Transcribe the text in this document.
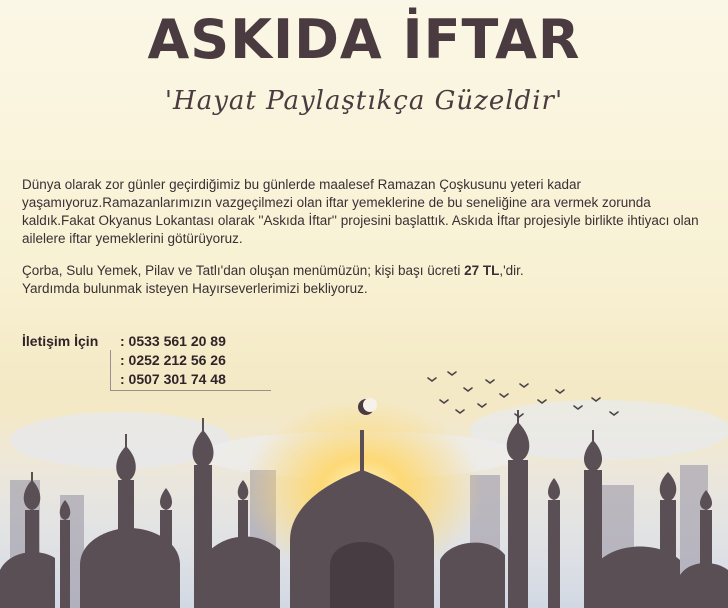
ASKIDA İFTAR
'Hayat Paylaştıkça Güzeldir'

Dünya olarak zor günler geçirdiğimiz bu günlerde maalesef Ramazan Çoşkusunu yeteri kadar yaşamıyoruz.Ramazanlarımızın vazgeçilmezi olan iftar yemeklerine de bu seneliğine ara vermek zorunda kaldık.Fakat Okyanus Lokantası olarak ''Askıda İftar'' projesini başlattık. Askıda İftar projesiyle birlikte ihtiyacı olan ailelere iftar yemeklerini götürüyoruz.

Çorba, Sulu Yemek, Pilav ve Tatlı'dan oluşan menümüzün; kişi başı ücreti 27 TL,'dir.

Yardımda bulunmak isteyen Hayırseverlerimizi bekliyoruz.

İletişim İçin	: 0533 561 20 89
: 0252 212 56 26
: 0507 301 74 48
